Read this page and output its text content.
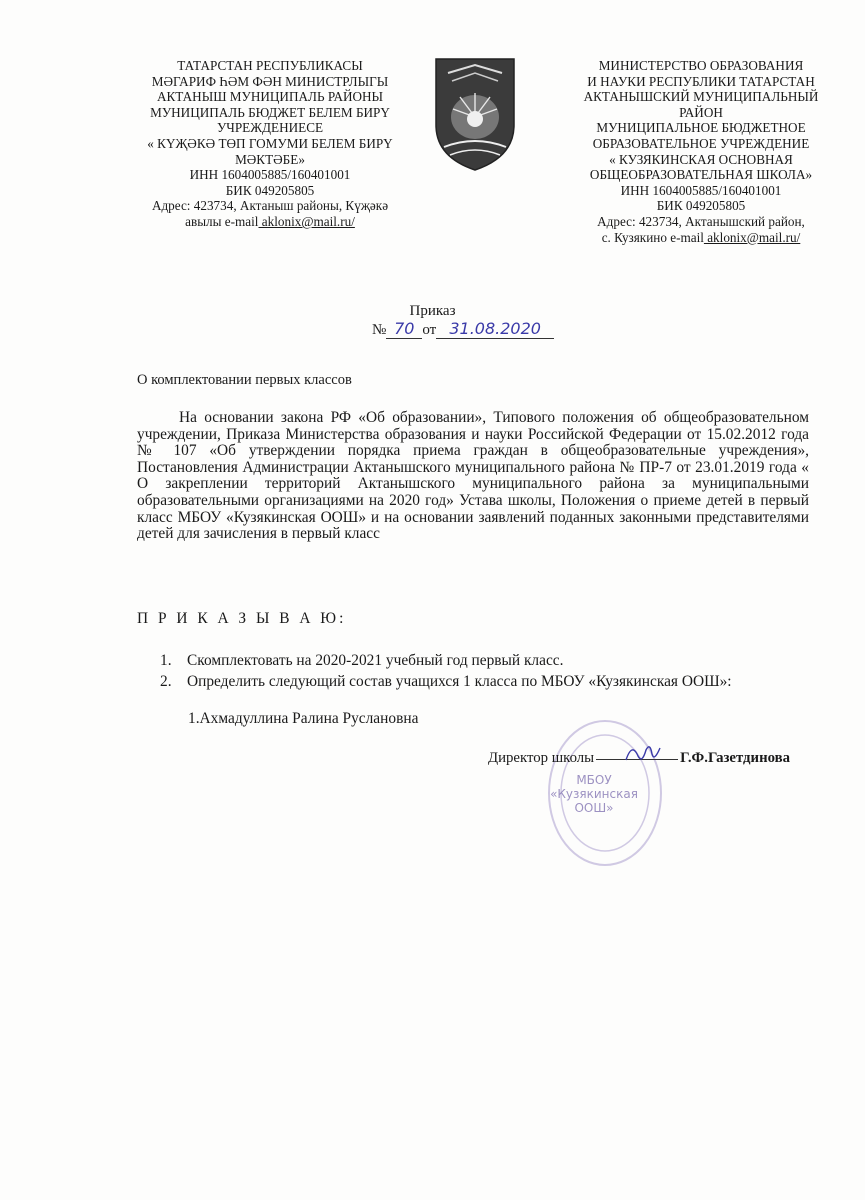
ТАТАРСТАН РЕСПУБЛИКАСЫ
МӘГАРИФ ҺӘМ ФӘН МИНИСТРЛЫГЫ
АКТАНЫШ МУНИЦИПАЛЬ РАЙОНЫ
МУНИЦИПАЛЬ БЮДЖЕТ БЕЛЕМ БИРҮ
УЧРЕЖДЕНИЕСЕ
« КҮҖӘКӘ ТӨП ГОМУМИ БЕЛЕМ БИРҮ
МӘКТӘБЕ»
ИНН 1604005885/160401001
БИК 049205805
Адрес: 423734, Актаныш районы, Күҗәкә
авылы e-mail aklonix@mail.ru/
МИНИСТЕРСТВО ОБРАЗОВАНИЯ
И НАУКИ РЕСПУБЛИКИ ТАТАРСТАН
АКТАНЫШСКИЙ МУНИЦИПАЛЬНЫЙ
РАЙОН
МУНИЦИПАЛЬНОЕ БЮДЖЕТНОЕ
ОБРАЗОВАТЕЛЬНОЕ УЧРЕЖДЕНИЕ
« КУЗЯКИНСКАЯ ОСНОВНАЯ
ОБЩЕОБРАЗОВАТЕЛЬНАЯ ШКОЛА»
ИНН 1604005885/160401001
БИК 049205805
Адрес: 423734, Актанышский район,
с. Кузякино e-mail aklonix@mail.ru/
Приказ
№ 70 от 31.08.2020
О комплектовании первых классов
На основании закона РФ «Об образовании», Типового положения об общеобразовательном учреждении, Приказа Министерства образования и науки Российской Федерации от 15.02.2012 года № 107 «Об утверждении порядка приема граждан в общеобразовательные учреждения», Постановления Администрации Актанышского муниципального района № ПР-7 от 23.01.2019 года « О закреплении территорий Актанышского муниципального района за муниципальными образовательными организациями на 2020 год» Устава школы, Положения о приеме детей в первый класс МБОУ «Кузякинская ООШ» и на основании заявлений поданных законными представителями детей для зачисления в первый класс
П Р И К А З Ы В А Ю:
1. Скомплектовать на 2020-2021 учебный год первый класс.
2. Определить следующий состав учащихся 1 класса по МБОУ «Кузякинская ООШ»:
1.Ахмадуллина Ралина Руслановна
МБОУ
«Кузякинская
ООШ»
Директор школы	Г.Ф.Газетдинова
